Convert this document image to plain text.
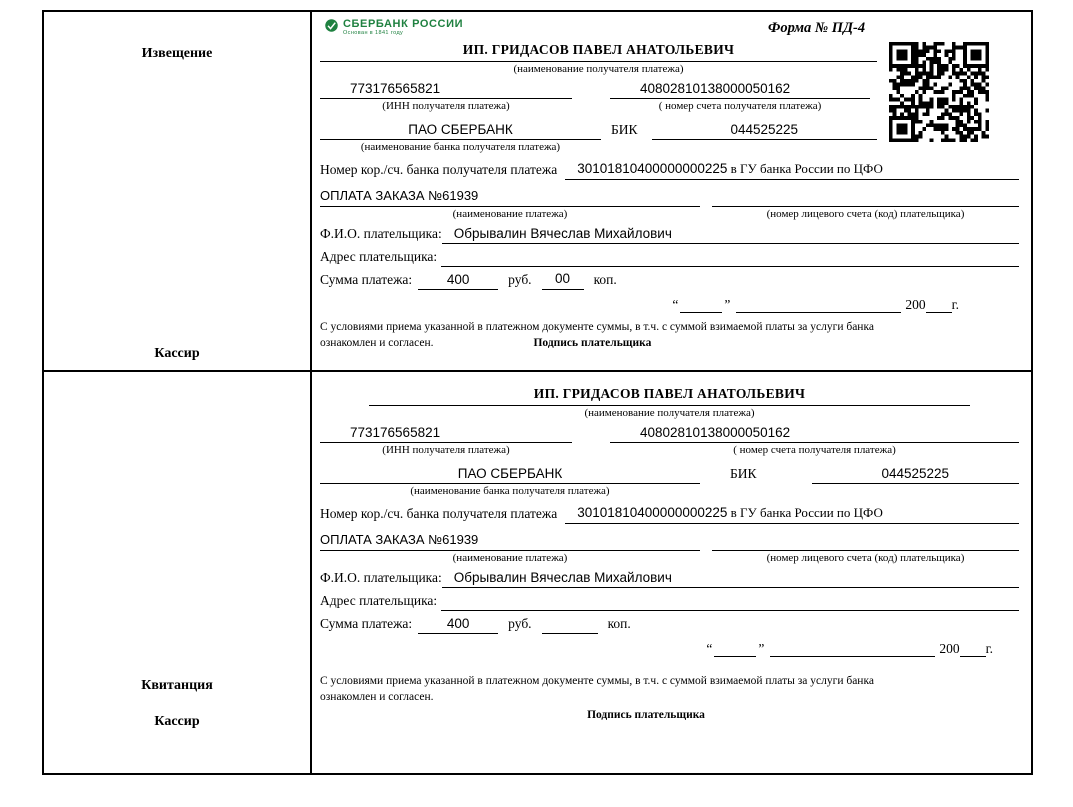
Извещение
Кассир
СБЕРБАНК РОССИИ
Основан в 1841 году	Форма № ПД-4
ИП. ГРИДАСОВ ПАВЕЛ АНАТОЛЬЕВИЧ
(наименование получателя платежа)
773176565821	40802810138000050162
(ИНН получателя платежа)	( номер счета получателя платежа)
ПАО СБЕРБАНК	БИК	044525225
(наименование банка получателя платежа)
Номер кор./сч. банка получателя платежа	30101810400000000225 в ГУ банка России по ЦФО
ОПЛАТА ЗАКАЗА №61939
(наименование платежа)	(номер лицевого счета (код) плательщика)
Ф.И.О. плательщика: Обрывалин Вячеслав Михайлович
Адрес плательщика:
Сумма платежа:	400	руб.	00	коп.
“	”	200 г.
С условиями приема указанной в платежном документе суммы, в т.ч. с суммой взимаемой платы за услуги банка
ознакомлен и согласен.	Подпись плательщика
Квитанция
Кассир
ИП. ГРИДАСОВ ПАВЕЛ АНАТОЛЬЕВИЧ
(наименование получателя платежа)
773176565821	40802810138000050162
(ИНН получателя платежа)	( номер счета получателя платежа)
ПАО СБЕРБАНК	БИК	044525225
(наименование банка получателя платежа)
Номер кор./сч. банка получателя платежа	30101810400000000225 в ГУ банка России по ЦФО
ОПЛАТА ЗАКАЗА №61939
(наименование платежа)	(номер лицевого счета (код) плательщика)
Ф.И.О. плательщика: Обрывалин Вячеслав Михайлович
Адрес плательщика:
Сумма платежа:	400	руб.	коп.
“	”	200 г.
С условиями приема указанной в платежном документе суммы, в т.ч. с суммой взимаемой платы за услуги банка
ознакомлен и согласен.
Подпись плательщика
